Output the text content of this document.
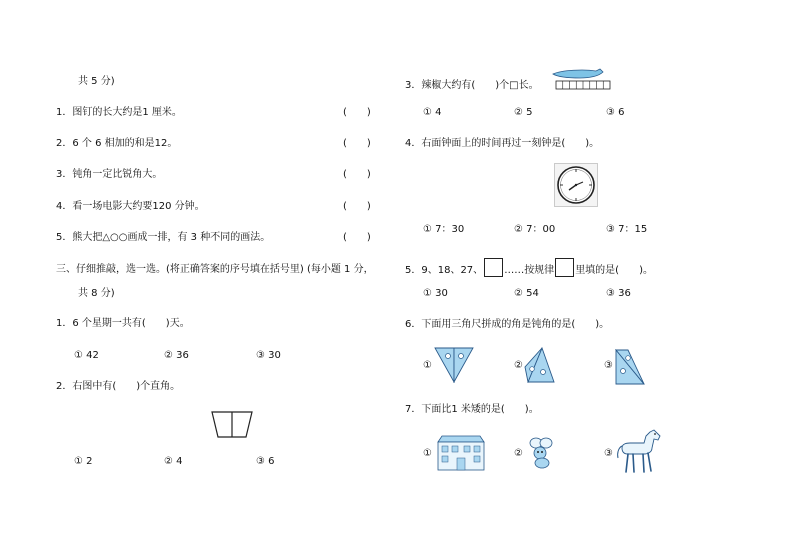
共 5 分)
1．图钉的长大约是1 厘米。	(　　)
2．6 个 6 相加的和是12。	(　　)
3．钝角一定比锐角大。	(　　)
4．看一场电影大约要120 分钟。	(　　)
5．熊大把△○○画成一排，有 3 种不同的画法。	(　　)
三、仔细推敲，选一选。(将正确答案的序号填在括号里) (每小题 1 分，
共 8 分)
1．6 个星期一共有(　　)天。
① 42	② 36	③ 30
2．右图中有(　　)个直角。
① 2	② 4	③ 6
3．辣椒大约有(　　)个□长。
① 4	② 5	③ 6
4．右面钟面上的时间再过一刻钟是(　　)。
① 7：30	② 7：00	③ 7：15
5．9、18、27、 ……按规律 里填的是(　　)。
① 30	② 54	③ 36
6．下面用三角尺拼成的角是钝角的是(　　)。
①	②	③
7．下面比1 米矮的是(　　)。
①	②	③
